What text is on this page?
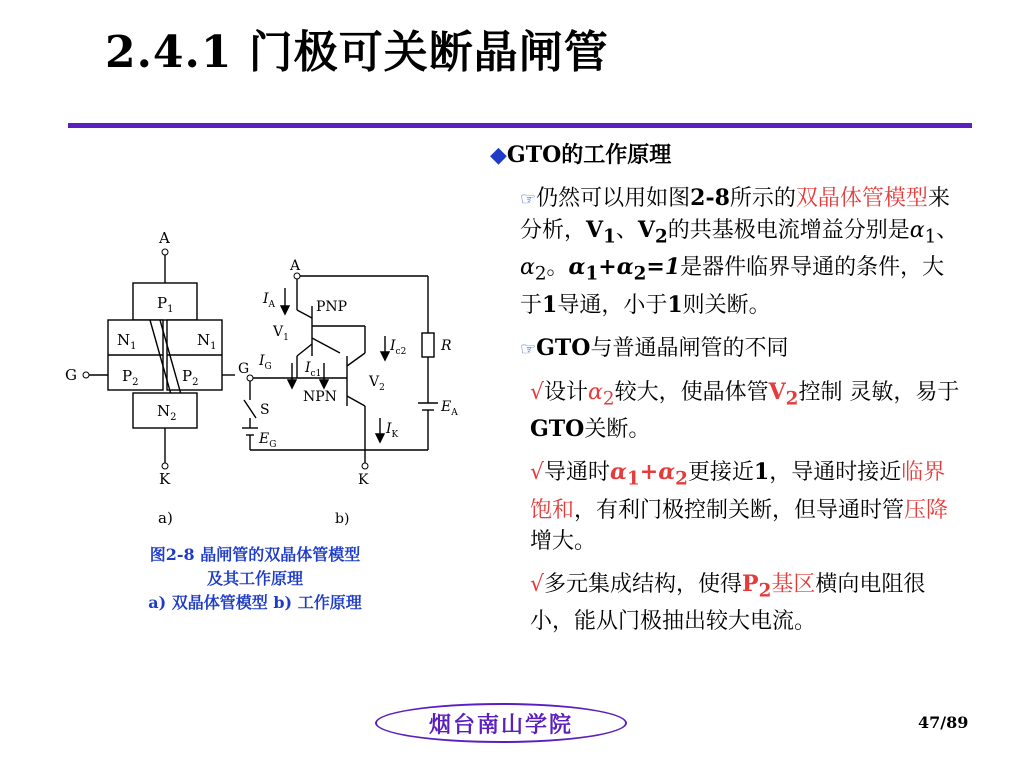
2.4.1 门极可关断晶闸管
A
K
G
$P_1$
$N_1$	$N_1$
$P_2$	$P_2$
$N_2$
a)
A
K
G
$I_A$	PNP
$V_1$
$I_G$ $I_{c1}$
$I_{c2}$
$V_2$
NPN
$I_K$
R
$E_A$
S
$E_G$
b)
图2-8 晶闸管的双晶体管模型
及其工作原理
a) 双晶体管模型 b) 工作原理

◆GTO的工作原理

☞仍然可以用如图2-8所示的双晶体管模型来分析，$V_1$、$V_2$的共基极电流增益分别是$\alpha_1$、$\alpha_2$。$\alpha_1+\alpha_2=1$是器件临界导通的条件，大于1导通，小于1则关断。

☞GTO与普通晶闸管的不同

√设计$\alpha_2$较大，使晶体管$V_2$控制 灵敏，易于GTO关断。

√导通时$\alpha_1+\alpha_2$更接近1，导通时接近临界饱和，有利门极控制关断，但导通时管压降增大。

√多元集成结构，使得$P_2$基区横向电阻很小，能从门极抽出较大电流。

烟台南山学院	47/89
